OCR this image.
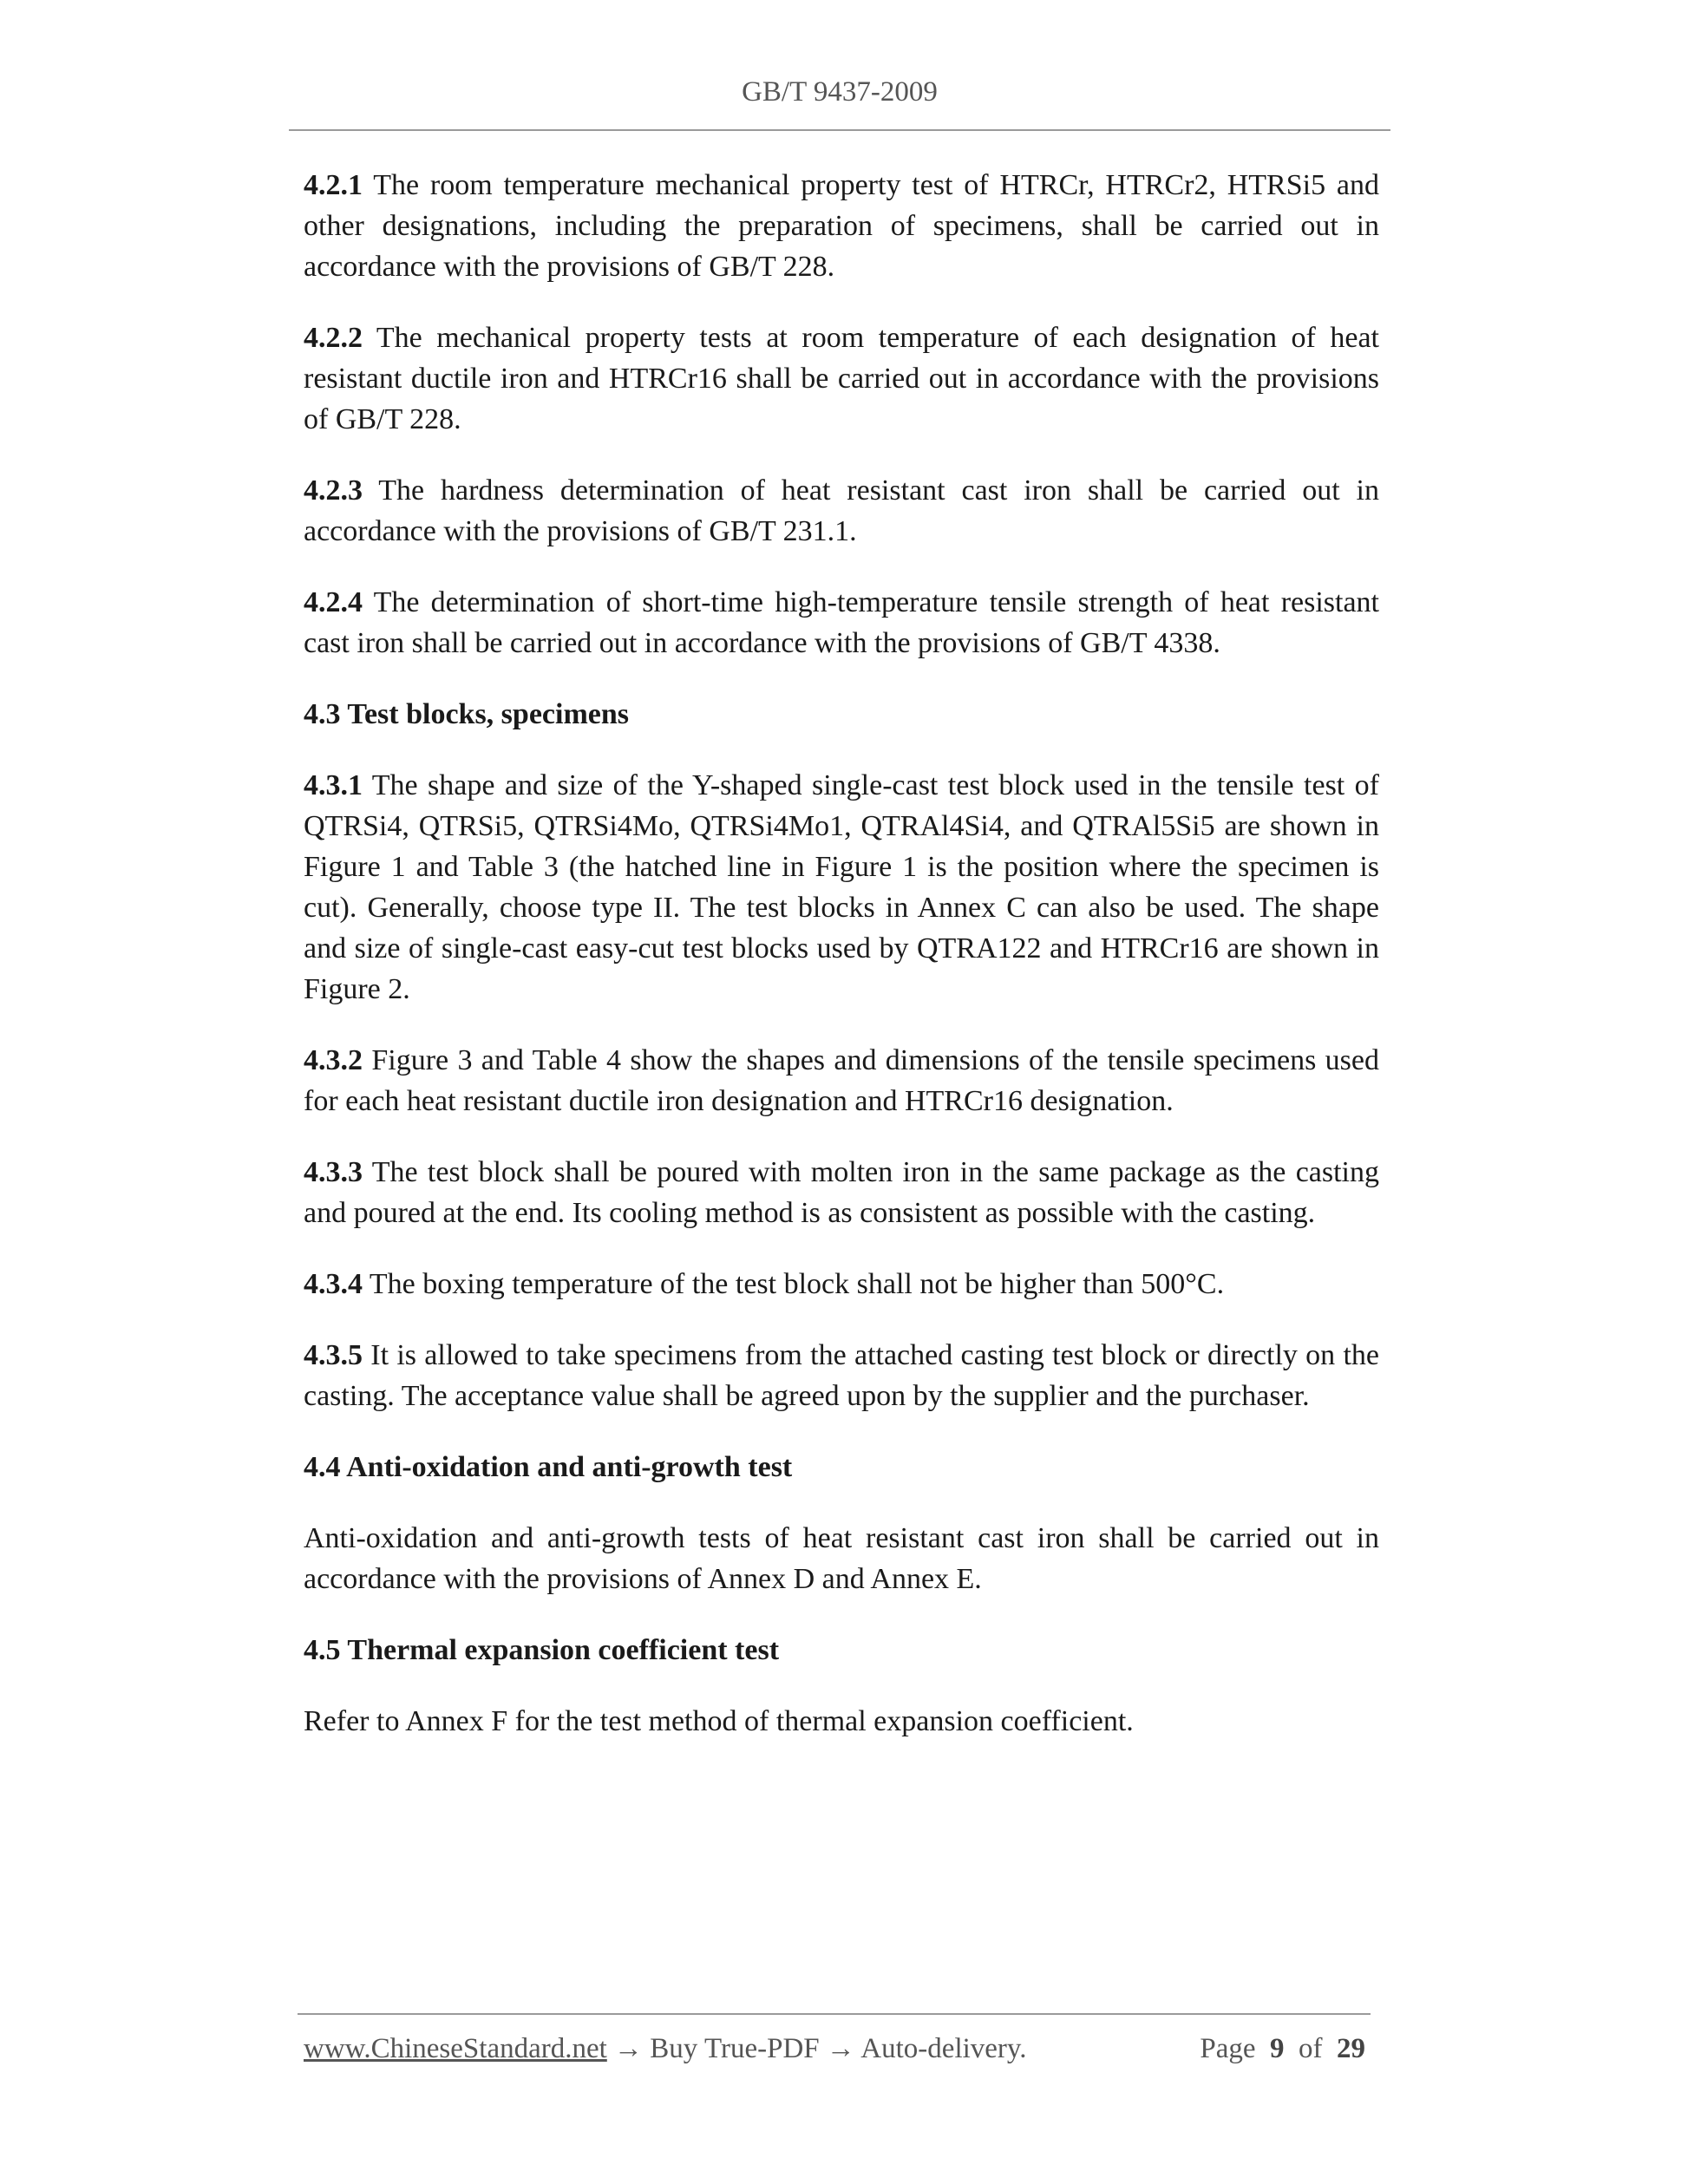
GB/T 9437-2009

4.2.1 The room temperature mechanical property test of HTRCr, HTRCr2, HTRSi5 and other designations, including the preparation of specimens, shall be carried out in accordance with the provisions of GB/T 228.

4.2.2 The mechanical property tests at room temperature of each designation of heat resistant ductile iron and HTRCr16 shall be carried out in accordance with the provisions of GB/T 228.

4.2.3 The hardness determination of heat resistant cast iron shall be carried out in accordance with the provisions of GB/T 231.1.

4.2.4 The determination of short-time high-temperature tensile strength of heat resistant cast iron shall be carried out in accordance with the provisions of GB/T 4338.

4.3 Test blocks, specimens

4.3.1 The shape and size of the Y-shaped single-cast test block used in the tensile test of QTRSi4, QTRSi5, QTRSi4Mo, QTRSi4Mo1, QTRAl4Si4, and QTRAl5Si5 are shown in Figure 1 and Table 3 (the hatched line in Figure 1 is the position where the specimen is cut). Generally, choose type II. The test blocks in Annex C can also be used. The shape and size of single-cast easy-cut test blocks used by QTRA122 and HTRCr16 are shown in Figure 2.

4.3.2 Figure 3 and Table 4 show the shapes and dimensions of the tensile specimens used for each heat resistant ductile iron designation and HTRCr16 designation.

4.3.3 The test block shall be poured with molten iron in the same package as the casting and poured at the end. Its cooling method is as consistent as possible with the casting.

4.3.4 The boxing temperature of the test block shall not be higher than 500°C.

4.3.5 It is allowed to take specimens from the attached casting test block or directly on the casting. The acceptance value shall be agreed upon by the supplier and the purchaser.

4.4 Anti-oxidation and anti-growth test

Anti-oxidation and anti-growth tests of heat resistant cast iron shall be carried out in accordance with the provisions of Annex D and Annex E.

4.5 Thermal expansion coefficient test

Refer to Annex F for the test method of thermal expansion coefficient.

www.ChineseStandard.net → Buy True-PDF → Auto-delivery.	Page 9 of 29
